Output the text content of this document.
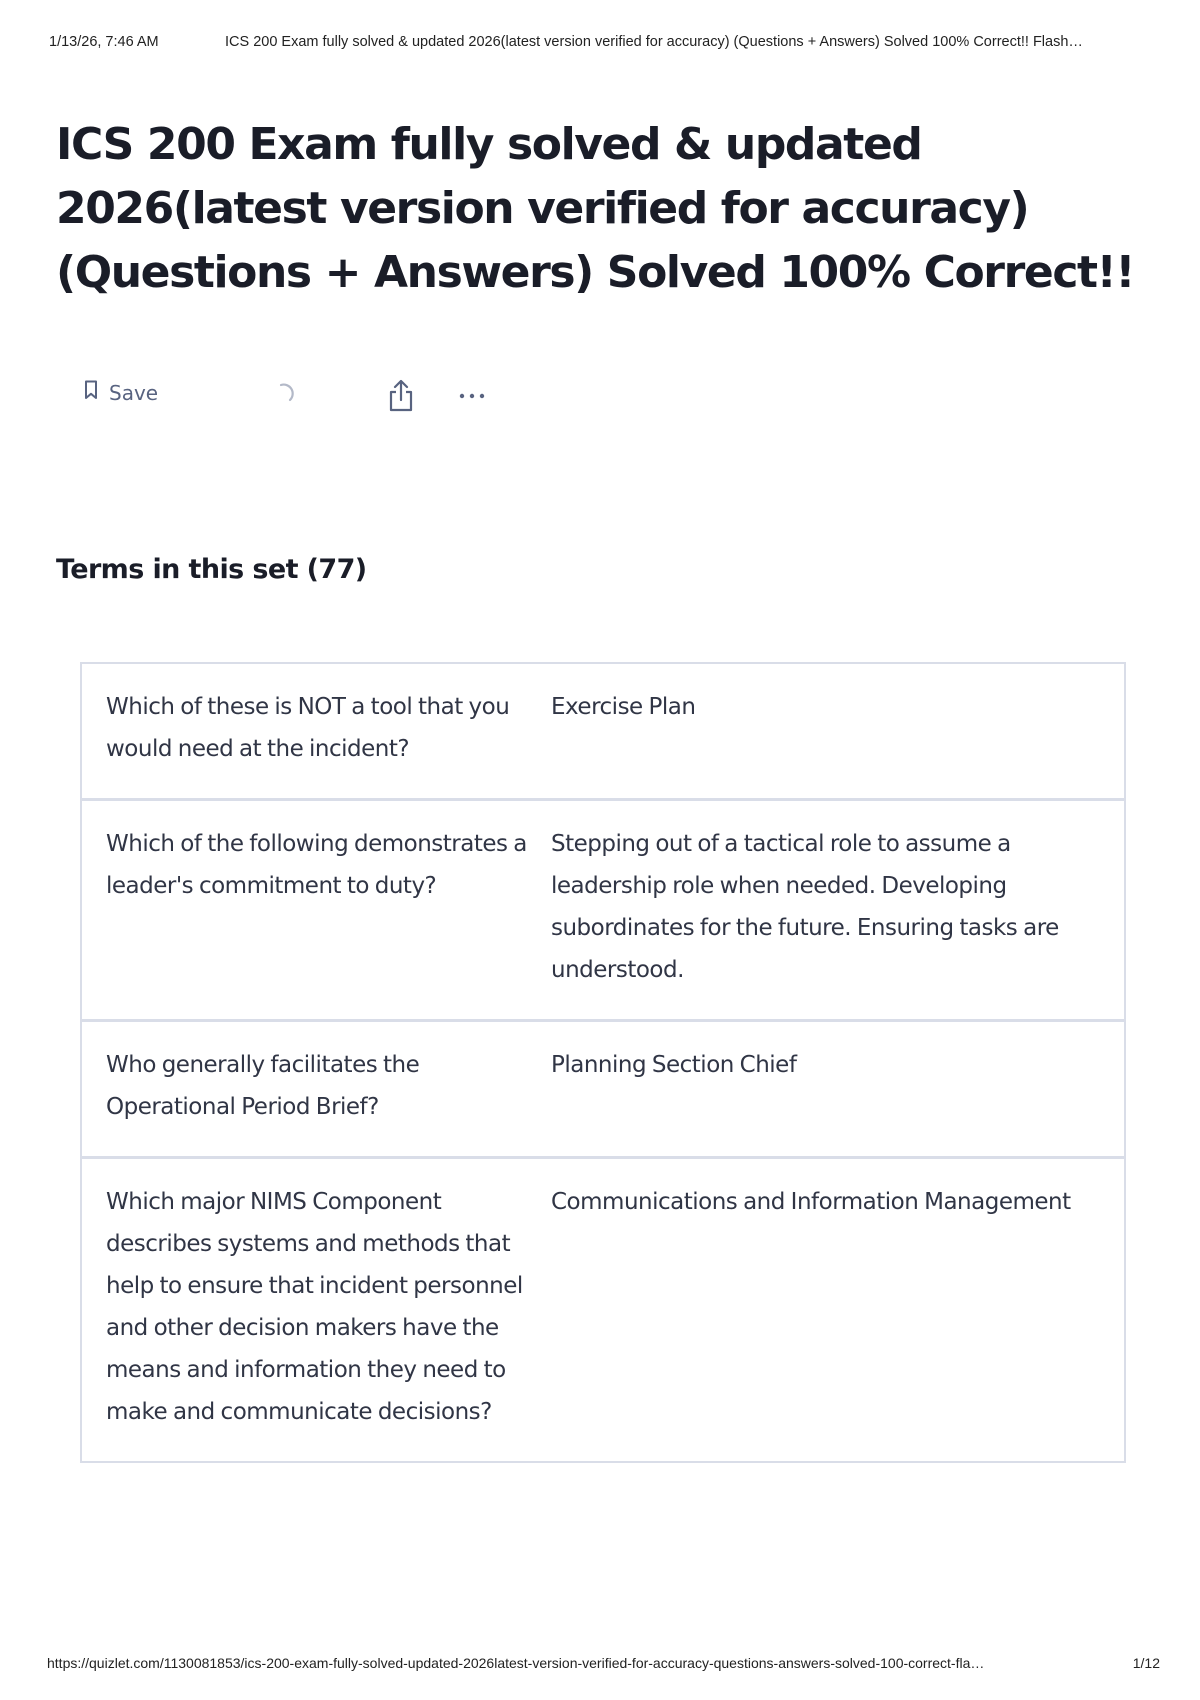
1/13/26, 7:46 AM	ICS 200 Exam fully solved & updated 2026(latest version verified for accuracy) (Questions + Answers) Solved 100% Correct!! Flash…
ICS 200 Exam fully solved & updated 2026(latest version verified for accuracy) (Questions + Answers) Solved 100% Correct!!
Save
Terms in this set (77)
Which of these is NOT a tool that you would need at the incident?
Exercise Plan
Which of the following demonstrates a leader's commitment to duty?
Stepping out of a tactical role to assume a leadership role when needed. Developing subordinates for the future. Ensuring tasks are understood.
Who generally facilitates the Operational Period Brief?
Planning Section Chief
Which major NIMS Component describes systems and methods that help to ensure that incident personnel and other decision makers have the means and information they need to make and communicate decisions?
Communications and Information Management
https://quizlet.com/1130081853/ics-200-exam-fully-solved-updated-2026latest-version-verified-for-accuracy-questions-answers-solved-100-correct-fla…	1/12
